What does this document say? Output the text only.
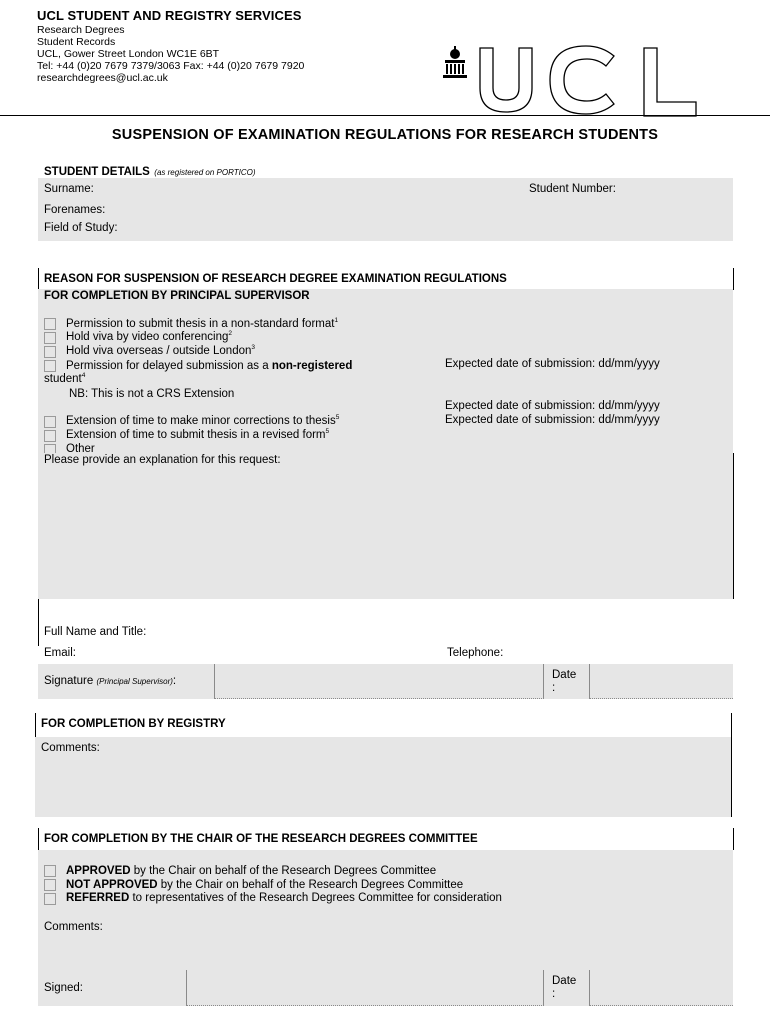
UCL STUDENT AND REGISTRY SERVICES
Research Degrees
Student Records
UCL, Gower Street London WC1E 6BT
Tel: +44 (0)20 7679 7379/3063 Fax: +44 (0)20 7679 7920
researchdegrees@ucl.ac.uk
UCL
SUSPENSION OF EXAMINATION REGULATIONS FOR RESEARCH STUDENTS
STUDENT DETAILS (as registered on PORTICO)
Surname:	Student Number:
Forenames:
Field of Study:
REASON FOR SUSPENSION OF RESEARCH DEGREE EXAMINATION REGULATIONS
FOR COMPLETION BY PRINCIPAL SUPERVISOR
Permission to submit thesis in a non-standard format$^1$
Hold viva by video conferencing$^2$
Hold viva overseas / outside London$^3$
Permission for delayed submission as a non-registered
student$^4$
Expected date of submission: dd/mm/yyyy
NB: This is not a CRS Extension
Expected date of submission: dd/mm/yyyy
Expected date of submission: dd/mm/yyyy
Extension of time to make minor corrections to thesis$^5$
Extension of time to submit thesis in a revised form$^5$
Other
Please provide an explanation for this request:
Full Name and Title:
Email:	Telephone:
Signature (Principal Supervisor):	Date
:
FOR COMPLETION BY REGISTRY
Comments:
FOR COMPLETION BY THE CHAIR OF THE RESEARCH DEGREES COMMITTEE
APPROVED by the Chair on behalf of the Research Degrees Committee
NOT APPROVED by the Chair on behalf of the Research Degrees Committee
REFERRED to representatives of the Research Degrees Committee for consideration
Comments:
Signed:
Date
:
